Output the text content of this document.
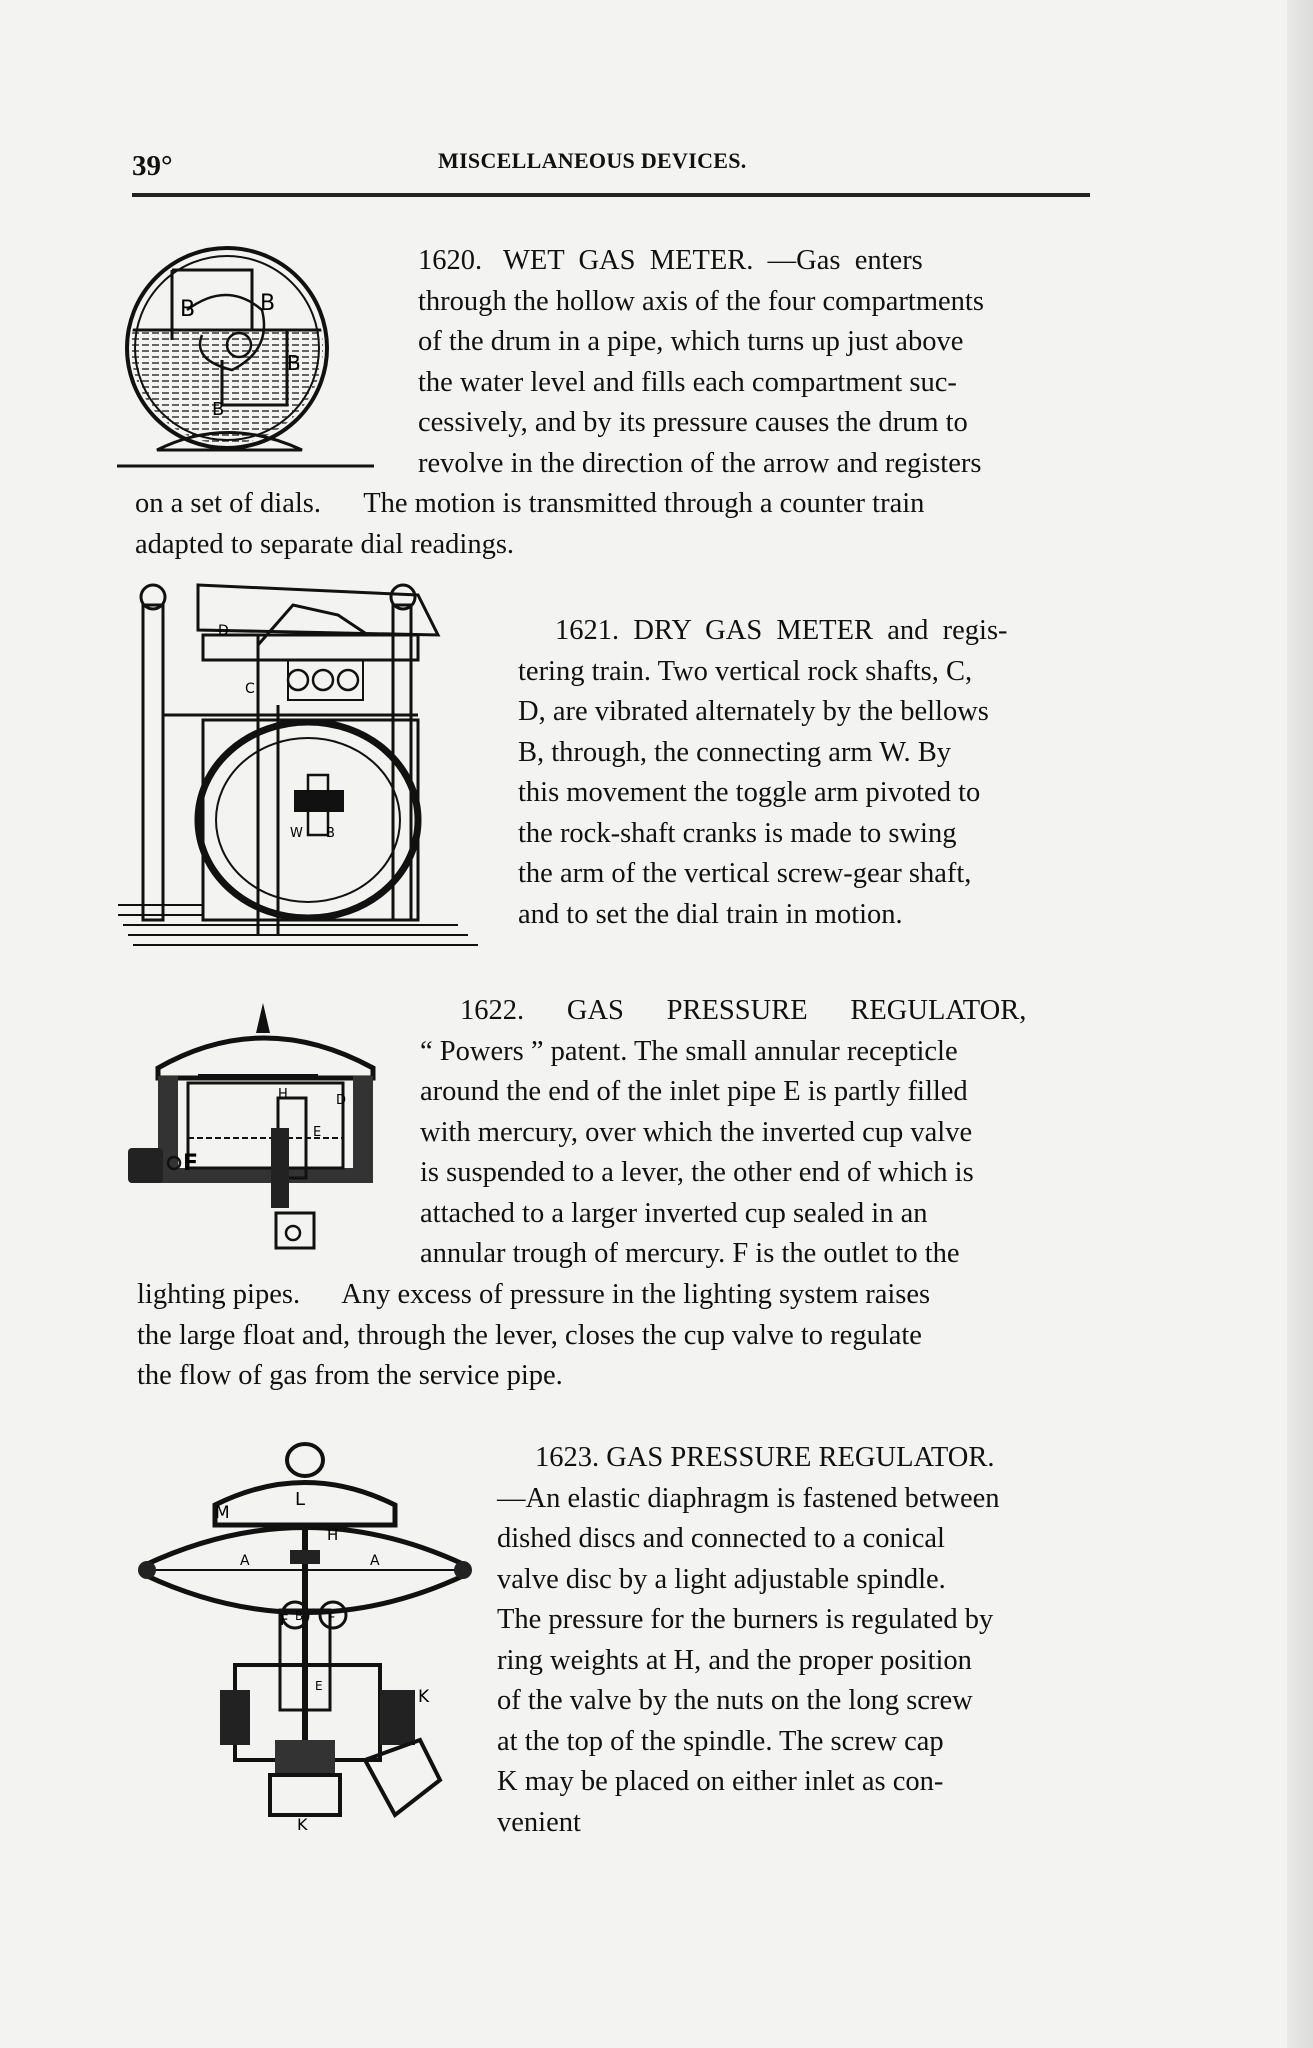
39°	MISCELLANEOUS DEVICES.
B	B
B
B

1620.   WET  GAS  METER.  —Gas  enters

through the hollow axis of the four compartments

of the drum in a pipe, which turns up just above

the water level and fills each compartment suc-

cessively, and by its pressure causes the drum to

revolve in the direction of the arrow and registers

on a set of dials.      The motion is transmitted through a counter train

adapted to separate dial readings.

D
C
W B

1621.  DRY  GAS  METER  and  regis-

tering train. Two vertical rock shafts, C,

D, are vibrated alternately by the bellows

B, through, the connecting arm W. By

this movement the toggle arm pivoted to

the rock-shaft cranks is made to swing

the arm of the vertical screw-gear shaft,

and to set the dial train in motion.

H	D
E
F

1622.      GAS      PRESSURE      REGULATOR,

“ Powers ” patent. The small annular recepticle

around the end of the inlet pipe E is partly filled

with mercury, over which the inverted cup valve

is suspended to a lever, the other end of which is

attached to a larger inverted cup sealed in an

annular trough of mercury. F is the outlet to the

lighting pipes.      Any excess of pressure in the lighting system raises

the large float and, through the lever, closes the cup valve to regulate

the flow of gas from the service pipe.

M
L
H
A	A
B
F	F
E
K
K

1623. GAS PRESSURE REGULATOR.

—An elastic diaphragm is fastened between

dished discs and connected to a conical

valve disc by a light adjustable spindle.

The pressure for the burners is regulated by

ring weights at H, and the proper position

of the valve by the nuts on the long screw

at the top of the spindle. The screw cap

K may be placed on either inlet as con-

venient
